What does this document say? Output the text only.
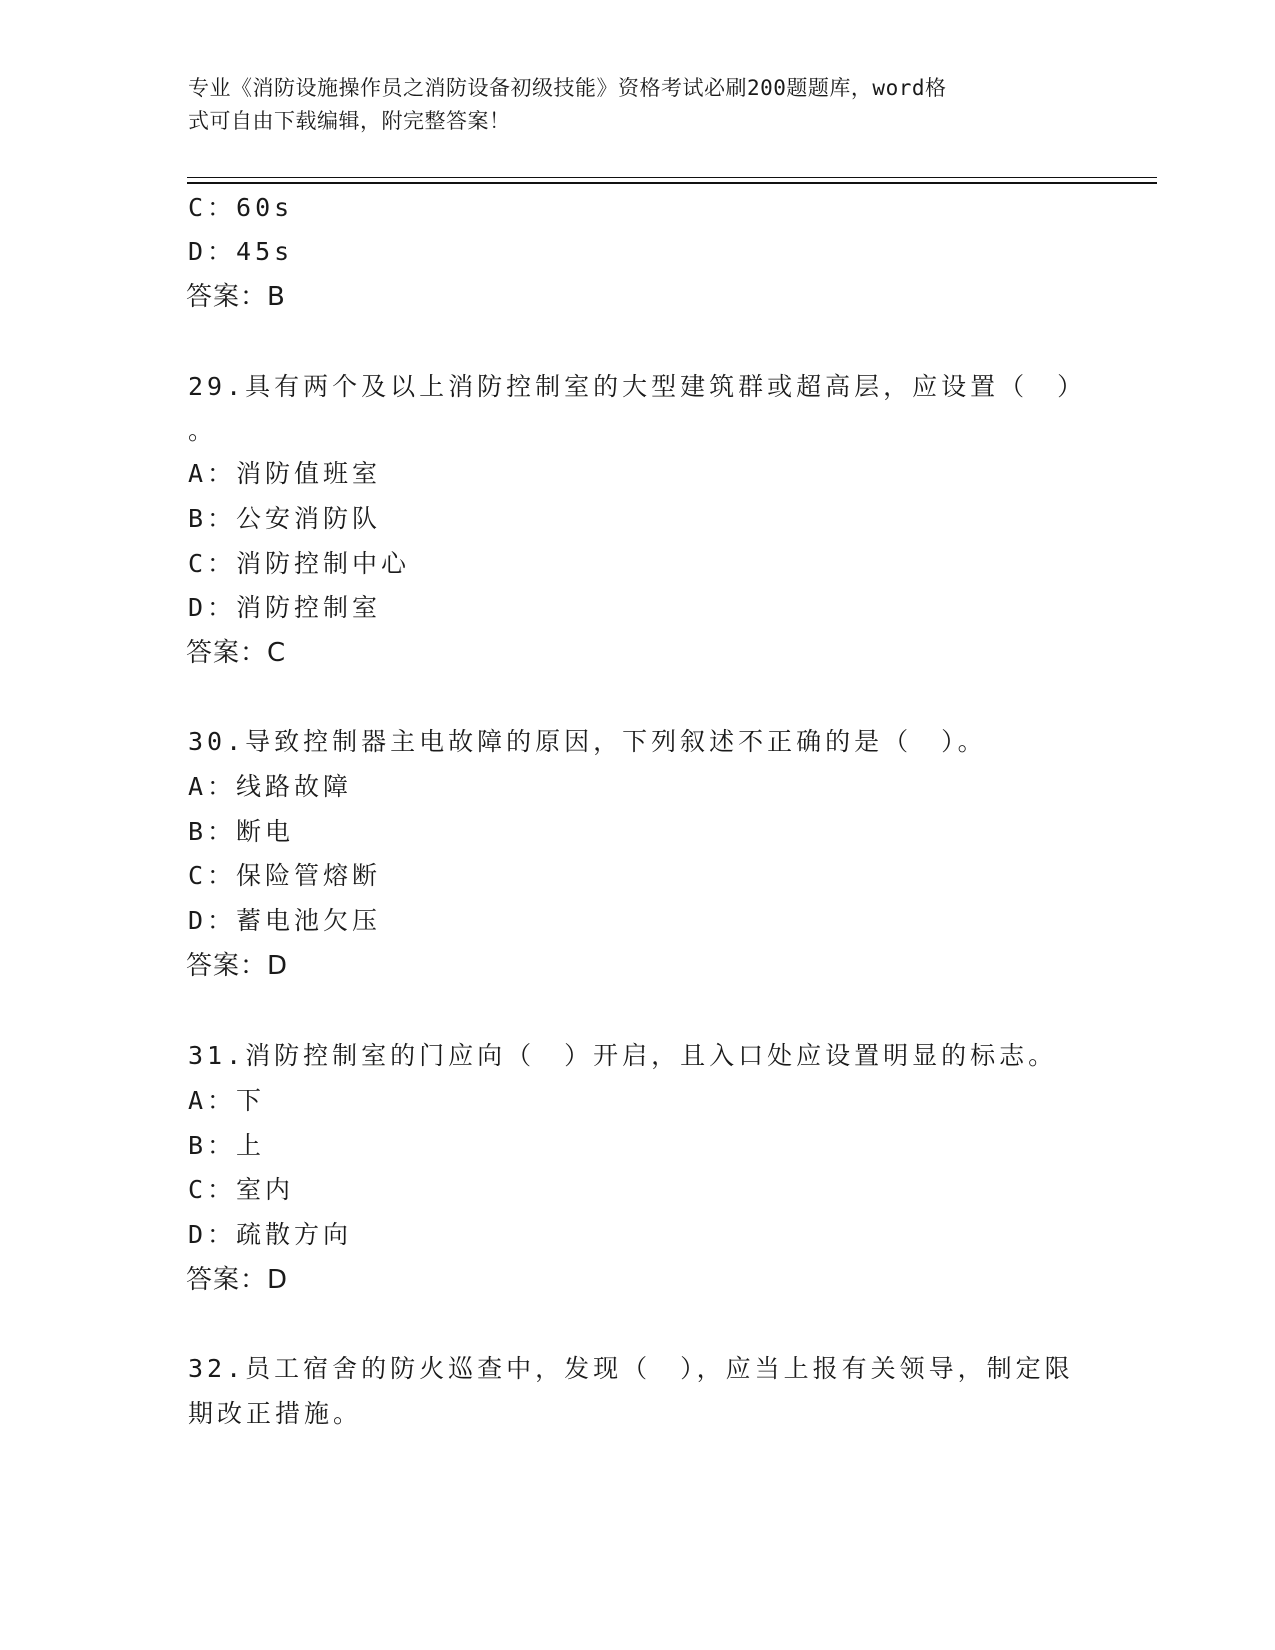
专业《消防设施操作员之消防设备初级技能》资格考试必刷200题题库，word格
式可自由下载编辑，附完整答案！
C：60s
D：45s
答案：B
29.具有两个及以上消防控制室的大型建筑群或超高层，应设置（　）
。
A：消防值班室
B：公安消防队
C：消防控制中心
D：消防控制室
答案：C
30.导致控制器主电故障的原因，下列叙述不正确的是（　）。
A：线路故障
B：断电
C：保险管熔断
D：蓄电池欠压
答案：D
31.消防控制室的门应向（　）开启，且入口处应设置明显的标志。
A：下
B：上
C：室内
D：疏散方向
答案：D
32.员工宿舍的防火巡查中，发现（　），应当上报有关领导，制定限
期改正措施。
